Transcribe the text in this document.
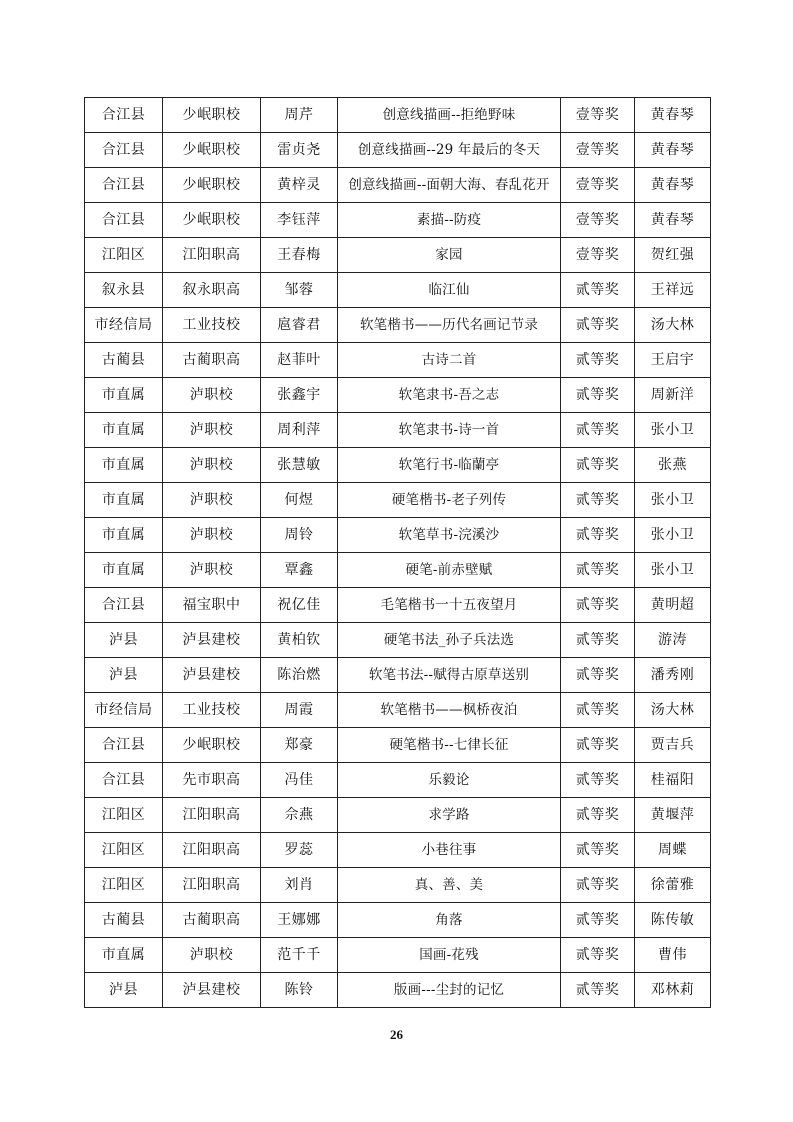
合江县	少岷职校	周芹	创意线描画--拒绝野味	壹等奖	黄春琴
合江县	少岷职校	雷贞尧	创意线描画--29 年最后的冬天	壹等奖	黄春琴
合江县	少岷职校	黄梓灵	创意线描画--面朝大海、春乱花开	壹等奖	黄春琴
合江县	少岷职校	李钰萍	素描--防疫	壹等奖	黄春琴
江阳区	江阳职高	王春梅	家园	壹等奖	贺红强
叙永县	叙永职高	邹蓉	临江仙	贰等奖	王祥远
市经信局	工业技校	扈睿君	软笔楷书——历代名画记节录	贰等奖	汤大林
古蔺县	古蔺职高	赵菲叶	古诗二首	贰等奖	王启宇
市直属	泸职校	张鑫宇	软笔隶书-吾之志	贰等奖	周新洋
市直属	泸职校	周利萍	软笔隶书-诗一首	贰等奖	张小卫
市直属	泸职校	张慧敏	软笔行书-临蘭亭	贰等奖	张燕
市直属	泸职校	何煜	硬笔楷书-老子列传	贰等奖	张小卫
市直属	泸职校	周铃	软笔草书-浣溪沙	贰等奖	张小卫
市直属	泸职校	覃鑫	硬笔-前赤壁赋	贰等奖	张小卫
合江县	福宝职中	祝亿佳	毛笔楷书一十五夜望月	贰等奖	黄明超
泸县	泸县建校	黄柏钦	硬笔书法_孙子兵法选	贰等奖	游涛
泸县	泸县建校	陈治燃	软笔书法--赋得古原草送别	贰等奖	潘秀刚
市经信局	工业技校	周霞	软笔楷书——枫桥夜泊	贰等奖	汤大林
合江县	少岷职校	郑豪	硬笔楷书--七律长征	贰等奖	贾吉兵
合江县	先市职高	冯佳	乐毅论	贰等奖	桂福阳
江阳区	江阳职高	佘燕	求学路	贰等奖	黄堰萍
江阳区	江阳职高	罗蕊	小巷往事	贰等奖	周蝶
江阳区	江阳职高	刘肖	真、善、美	贰等奖	徐蕾雅
古蔺县	古蔺职高	王娜娜	角落	贰等奖	陈传敏
市直属	泸职校	范千千	国画-花残	贰等奖	曹伟
泸县	泸县建校	陈铃	版画---尘封的记忆	贰等奖	邓林莉
26
